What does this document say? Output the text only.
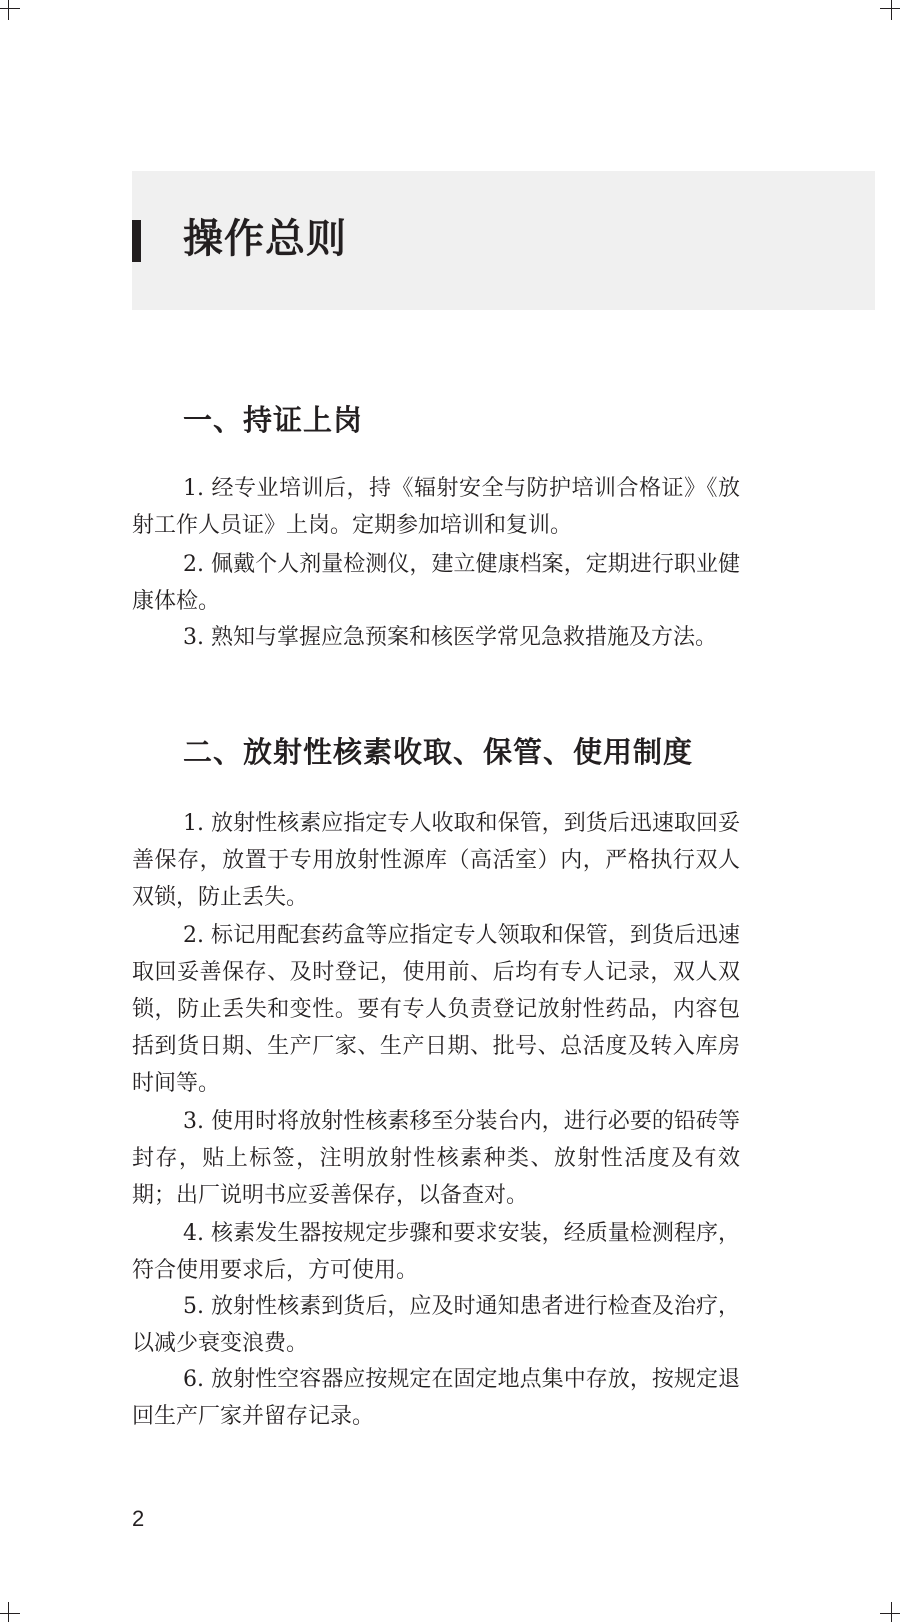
操作总则
一、持证上岗
1. 经专业培训后，持《辐射安全与防护培训合格证》《放射工作人员证》上岗。定期参加培训和复训。
2. 佩戴个人剂量检测仪，建立健康档案，定期进行职业健康体检。
3. 熟知与掌握应急预案和核医学常见急救措施及方法。
二、放射性核素收取、保管、使用制度
1. 放射性核素应指定专人收取和保管，到货后迅速取回妥善保存，放置于专用放射性源库（高活室）内，严格执行双人双锁，防止丢失。
2. 标记用配套药盒等应指定专人领取和保管，到货后迅速取回妥善保存、及时登记，使用前、后均有专人记录，双人双锁，防止丢失和变性。要有专人负责登记放射性药品，内容包括到货日期、生产厂家、生产日期、批号、总活度及转入库房时间等。
3. 使用时将放射性核素移至分装台内，进行必要的铅砖等封存，贴上标签，注明放射性核素种类、放射性活度及有效期；出厂说明书应妥善保存，以备查对。
4. 核素发生器按规定步骤和要求安装，经质量检测程序，符合使用要求后，方可使用。
5. 放射性核素到货后，应及时通知患者进行检查及治疗，以减少衰变浪费。
6. 放射性空容器应按规定在固定地点集中存放，按规定退回生产厂家并留存记录。
2
